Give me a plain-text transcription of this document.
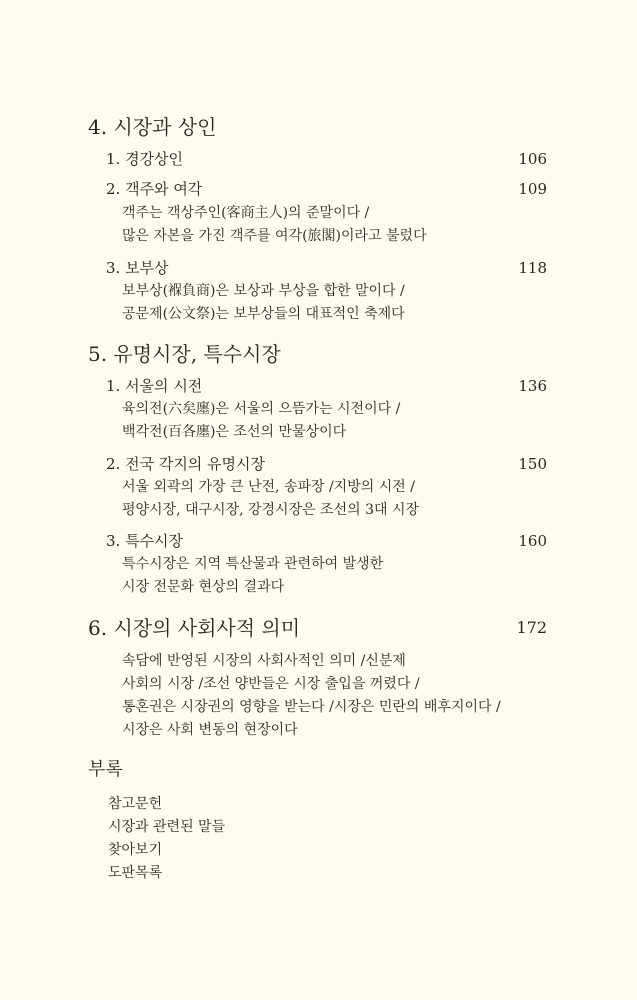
4. 시장과 상인
1. 경강상인	106
2. 객주와 여각	109
객주는 객상주인(客商主人)의 준말이다 /
많은 자본을 가진 객주를 여각(旅閣)이라고 불렀다
3. 보부상	118
보부상(褓負商)은 보상과 부상을 합한 말이다 /
공문제(公文祭)는 보부상들의 대표적인 축제다
5. 유명시장, 특수시장
1. 서울의 시전	136
육의전(六矣廛)은 서울의 으뜸가는 시전이다 /
백각전(百各廛)은 조선의 만물상이다
2. 전국 각지의 유명시장	150
서울 외곽의 가장 큰 난전, 송파장 /지방의 시전 /
평양시장, 대구시장, 강경시장은 조선의 3대 시장
3. 특수시장	160
특수시장은 지역 특산물과 관련하여 발생한
시장 전문화 현상의 결과다
6. 시장의 사회사적 의미	172
속담에 반영된 시장의 사회사적인 의미 /신분제
사회의 시장 /조선 양반들은 시장 출입을 꺼렸다 /
통혼권은 시장권의 영향을 받는다 /시장은 민란의 배후지이다 /
시장은 사회 변동의 현장이다
부록
참고문헌
시장과 관련된 말들
찾아보기
도판목록
